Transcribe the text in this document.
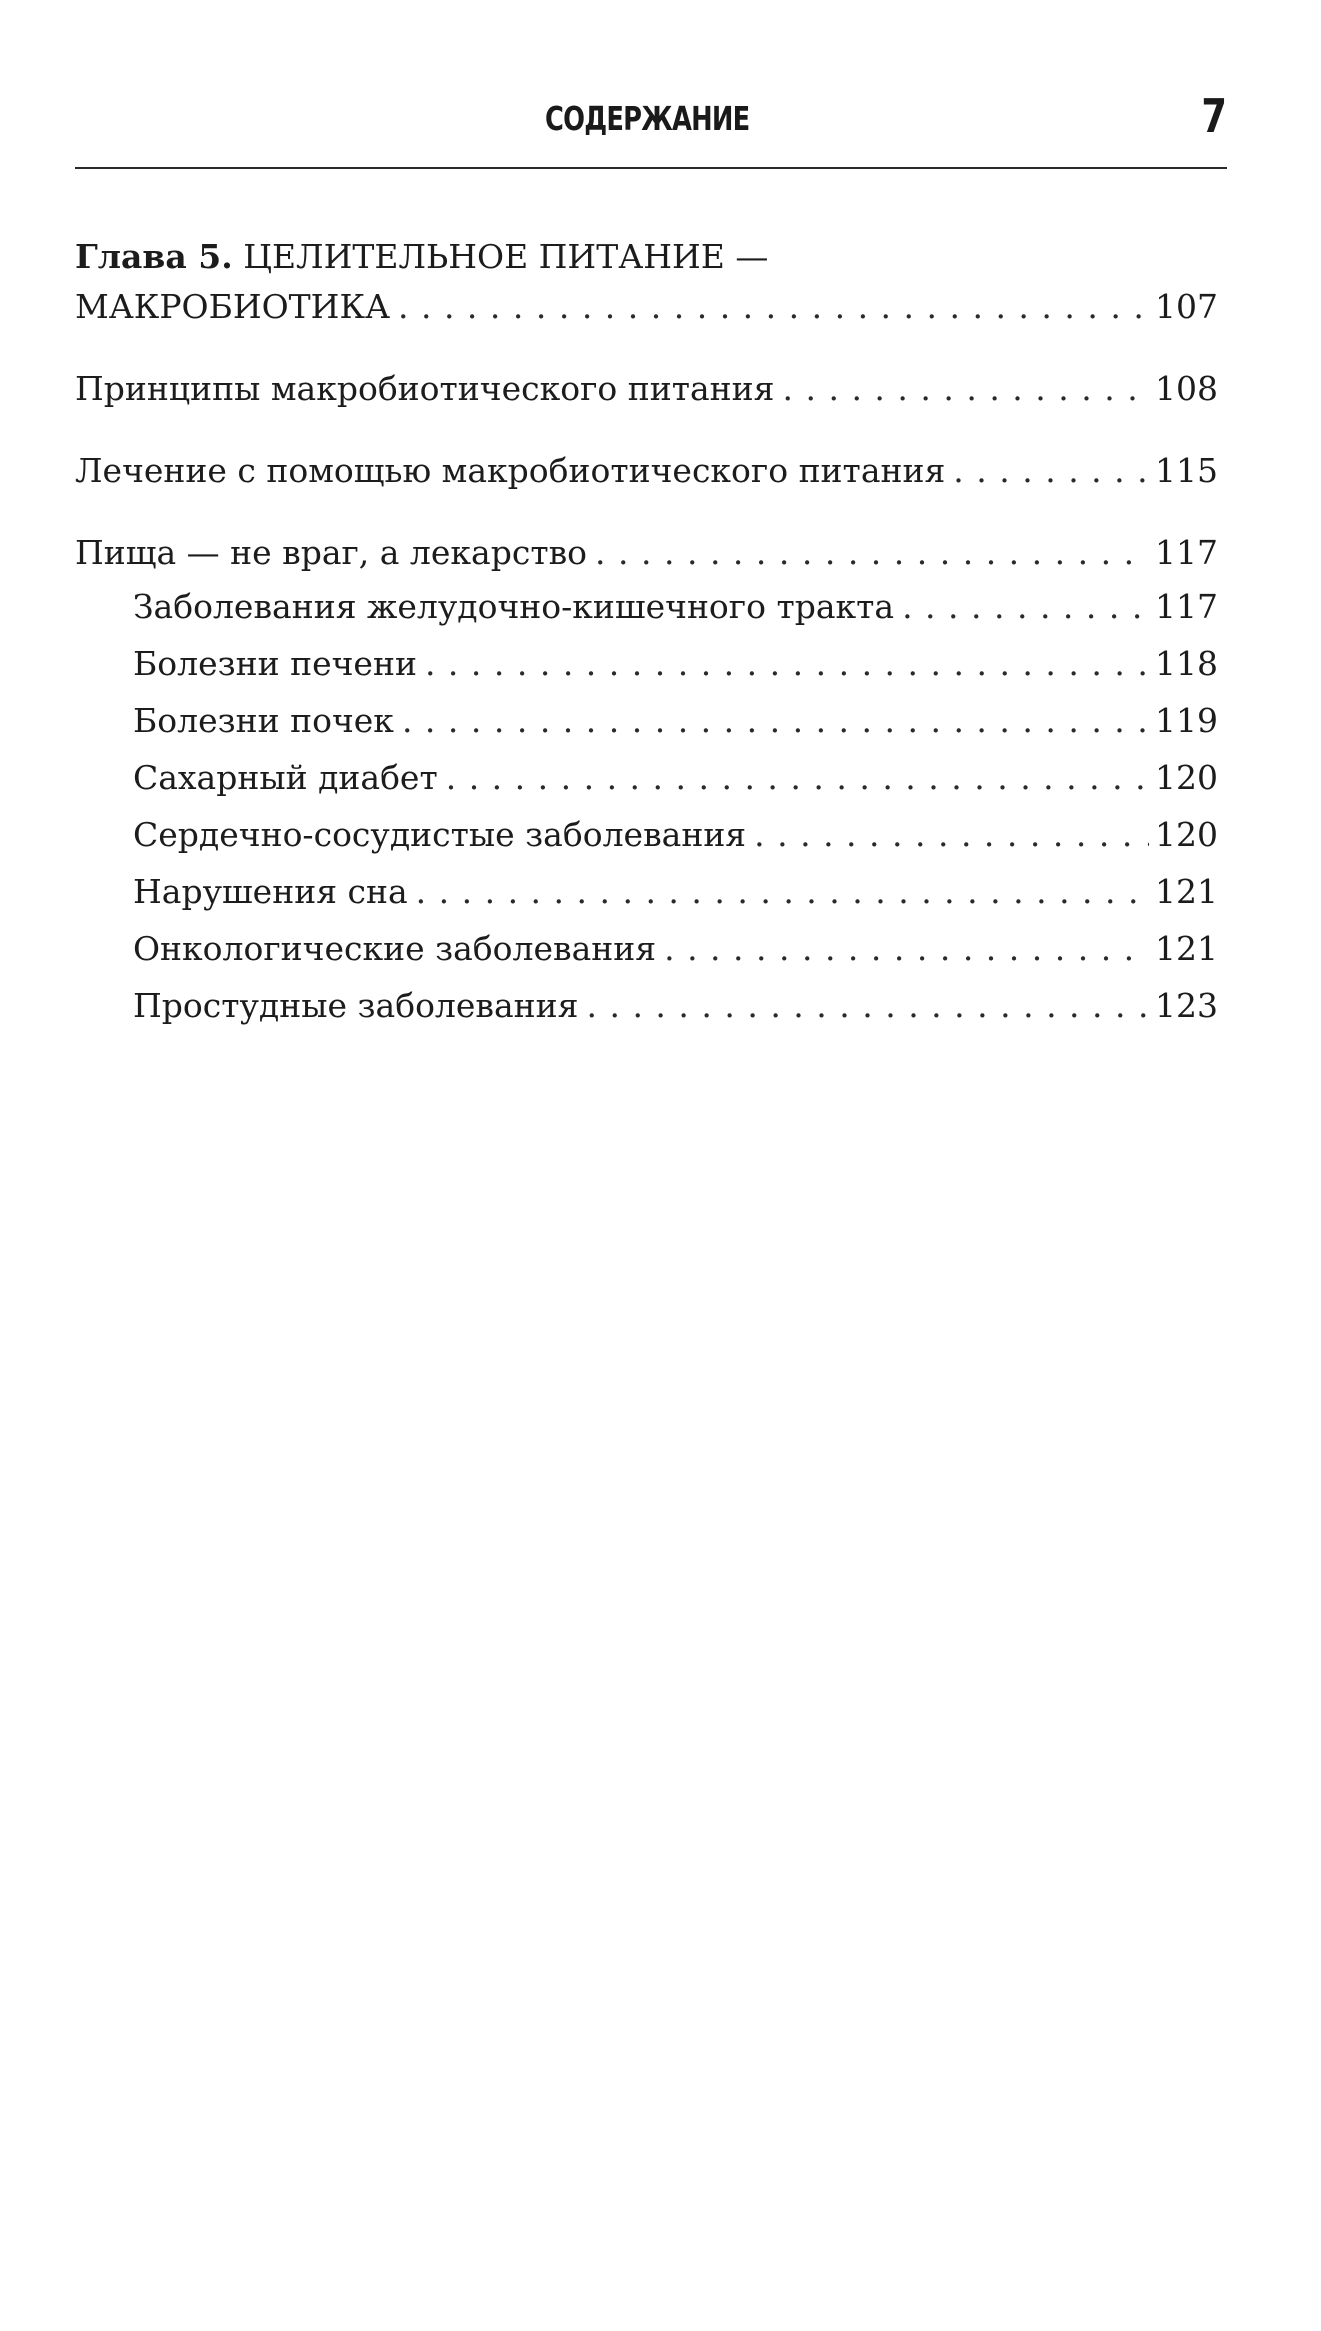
СОДЕРЖАНИЕ	7
Глава 5. ЦЕЛИТЕЛЬНОЕ ПИТАНИЕ —
МАКРОБИОТИКА . . .	107
Принципы макробиотического питания . . .	108
Лечение с помощью макробиотического питания . . .	115
Пища — не враг, а лекарство . . .	117
Заболевания желудочно-кишечного тракта . . .	117
Болезни печени . . .	118
Болезни почек . . .	119
Сахарный диабет . . .	120
Сердечно-сосудистые заболевания . . .	120
Нарушения сна . . .	121
Онкологические заболевания . . .	121
Простудные заболевания . . .	123
